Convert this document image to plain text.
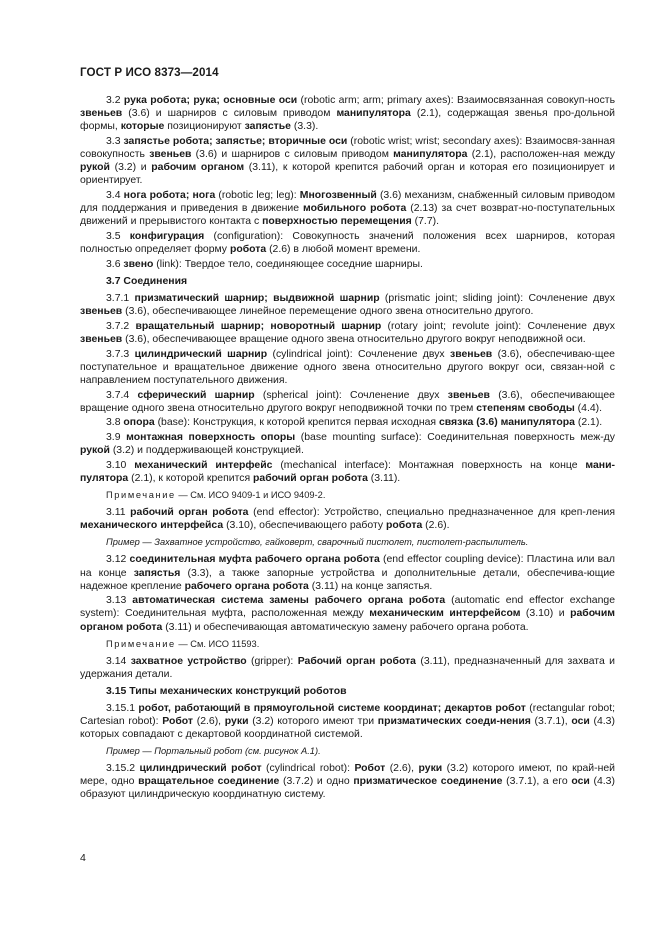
ГОСТ Р ИСО 8373—2014
3.2 рука робота; рука; основные оси (robotic arm; arm; primary axes): Взаимосвязанная совокуп-ность звеньев (3.6) и шарниров с силовым приводом манипулятора (2.1), содержащая звенья про-дольной формы, которые позиционируют запястье (3.3).
3.3 запястье робота; запястье; вторичные оси (robotic wrist; wrist; secondary axes): Взаимосвя-занная совокупность звеньев (3.6) и шарниров с силовым приводом манипулятора (2.1), расположен-ная между рукой (3.2) и рабочим органом (3.11), к которой крепится рабочий орган и которая его позиционирует и ориентирует.
3.4 нога робота; нога (robotic leg; leg): Многозвенный (3.6) механизм, снабженный силовым приводом для поддержания и приведения в движение мобильного робота (2.13) за счет возврат-но-поступательных движений и прерывистого контакта с поверхностью перемещения (7.7).
3.5 конфигурация (configuration): Совокупность значений положения всех шарниров, которая полностью определяет форму робота (2.6) в любой момент времени.
3.6 звено (link): Твердое тело, соединяющее соседние шарниры.
3.7 Соединения
3.7.1 призматический шарнир; выдвижной шарнир (prismatic joint; sliding joint): Сочленение двух звеньев (3.6), обеспечивающее линейное перемещение одного звена относительно другого.
3.7.2 вращательный шарнир; новоротный шарнир (rotary joint; revolute joint): Сочленение двух звеньев (3.6), обеспечивающее вращение одного звена относительно другого вокруг неподвижной оси.
3.7.3 цилиндрический шарнир (cylindrical joint): Сочленение двух звеньев (3.6), обеспечиваю-щее поступательное и вращательное движение одного звена относительно другого вокруг оси, связан-ной с направлением поступательного движения.
3.7.4 сферический шарнир (spherical joint): Сочленение двух звеньев (3.6), обеспечивающее вращение одного звена относительно другого вокруг неподвижной точки по трем степеням свободы (4.4).
3.8 опора (base): Конструкция, к которой крепится первая исходная связка (3.6) манипулятора (2.1).
3.9 монтажная поверхность опоры (base mounting surface): Соединительная поверхность меж-ду рукой (3.2) и поддерживающей конструкцией.
3.10 механический интерфейс (mechanical interface): Монтажная поверхность на конце мани-пулятора (2.1), к которой крепится рабочий орган робота (3.11).
Примечание — См. ИСО 9409-1 и ИСО 9409-2.
3.11 рабочий орган робота (end effector): Устройство, специально предназначенное для креп-ления механического интерфейса (3.10), обеспечивающего работу робота (2.6).
Пример — Захватное устройство, гайковерт, сварочный пистолет, пистолет-распылитель.
3.12 соединительная муфта рабочего органа робота (end effector coupling device): Пластина или вал на конце запястья (3.3), а также запорные устройства и дополнительные детали, обеспечива-ющие надежное крепление рабочего органа робота (3.11) на конце запястья.
3.13 автоматическая система замены рабочего органа робота (automatic end effector exchange system): Соединительная муфта, расположенная между механическим интерфейсом (3.10) и рабочим органом робота (3.11) и обеспечивающая автоматическую замену рабочего органа робота.
Примечание — См. ИСО 11593.
3.14 захватное устройство (gripper): Рабочий орган робота (3.11), предназначенный для захвата и удержания детали.
3.15 Типы механических конструкций роботов
3.15.1 робот, работающий в прямоугольной системе координат; декартов робот (rectangular robot; Cartesian robot): Робот (2.6), руки (3.2) которого имеют три призматических соеди-нения (3.7.1), оси (4.3) которых совпадают с декартовой координатной системой.
Пример — Портальный робот (см. рисунок А.1).
3.15.2 цилиндрический робот (cylindrical robot): Робот (2.6), руки (3.2) которого имеют, по край-ней мере, одно вращательное соединение (3.7.2) и одно призматическое соединение (3.7.1), а его оси (4.3) образуют цилиндрическую координатную систему.
4
